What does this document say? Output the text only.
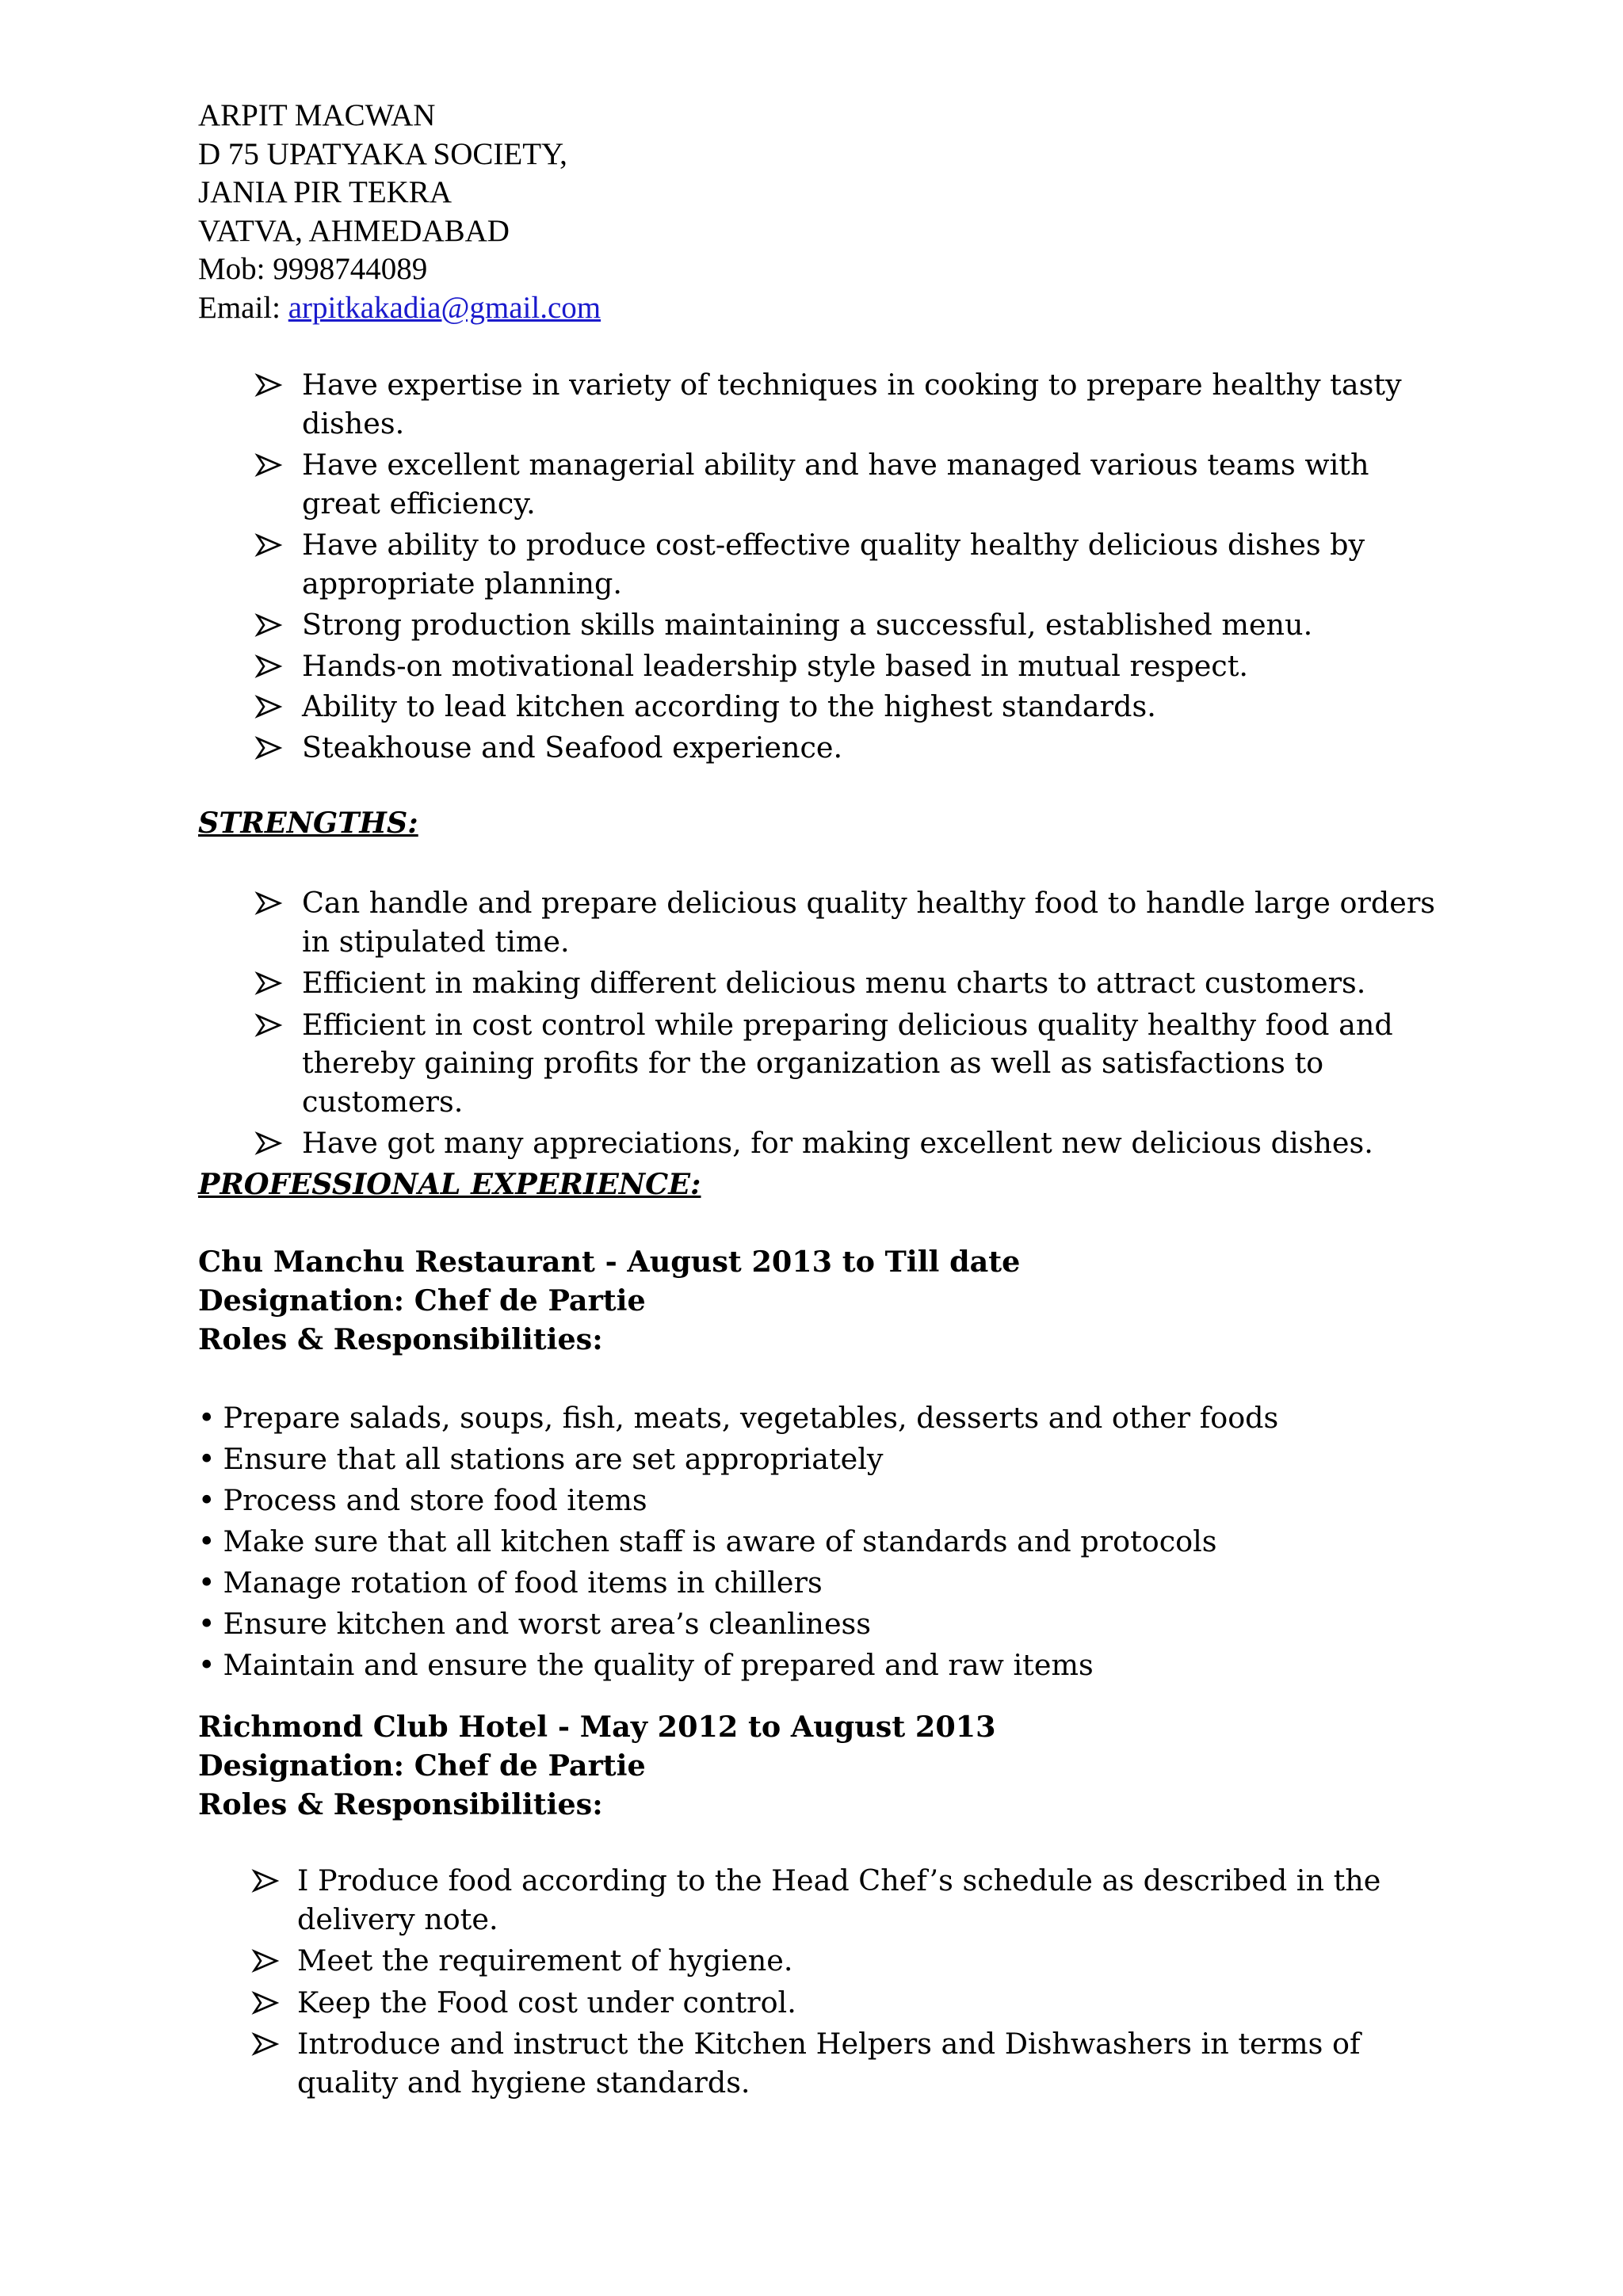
ARPIT MACWAN
D 75 UPATYAKA SOCIETY,
JANIA PIR TEKRA
VATVA, AHMEDABAD
Mob: 9998744089
Email: arpitkakadia@gmail.com
Have expertise in variety of techniques in cooking to prepare healthy tasty dishes.
Have excellent managerial ability and have managed various teams with great efficiency.
Have ability to produce cost-effective quality healthy delicious dishes by appropriate planning.
Strong production skills maintaining a successful, established menu.
Hands-on motivational leadership style based in mutual respect.
Ability to lead kitchen according to the highest standards.
Steakhouse and Seafood experience.
STRENGTHS:
Can handle and prepare delicious quality healthy food to handle large orders in stipulated time.
Efficient in making different delicious menu charts to attract customers.
Efficient in cost control while preparing delicious quality healthy food and thereby gaining profits for the organization as well as satisfactions to customers.
Have got many appreciations, for making excellent new delicious dishes.
PROFESSIONAL EXPERIENCE:
Chu Manchu Restaurant - August 2013 to Till date
Designation: Chef de Partie
Roles & Responsibilities:
• Prepare salads, soups, fish, meats, vegetables, desserts and other foods
• Ensure that all stations are set appropriately
• Process and store food items
• Make sure that all kitchen staff is aware of standards and protocols
• Manage rotation of food items in chillers
• Ensure kitchen and worst area’s cleanliness
• Maintain and ensure the quality of prepared and raw items
Richmond Club Hotel - May 2012 to August 2013
Designation: Chef de Partie
Roles & Responsibilities:
I Produce food according to the Head Chef’s schedule as described in the delivery note.
Meet the requirement of hygiene.
Keep the Food cost under control.
Introduce and instruct the Kitchen Helpers and Dishwashers in terms of quality and hygiene standards.
